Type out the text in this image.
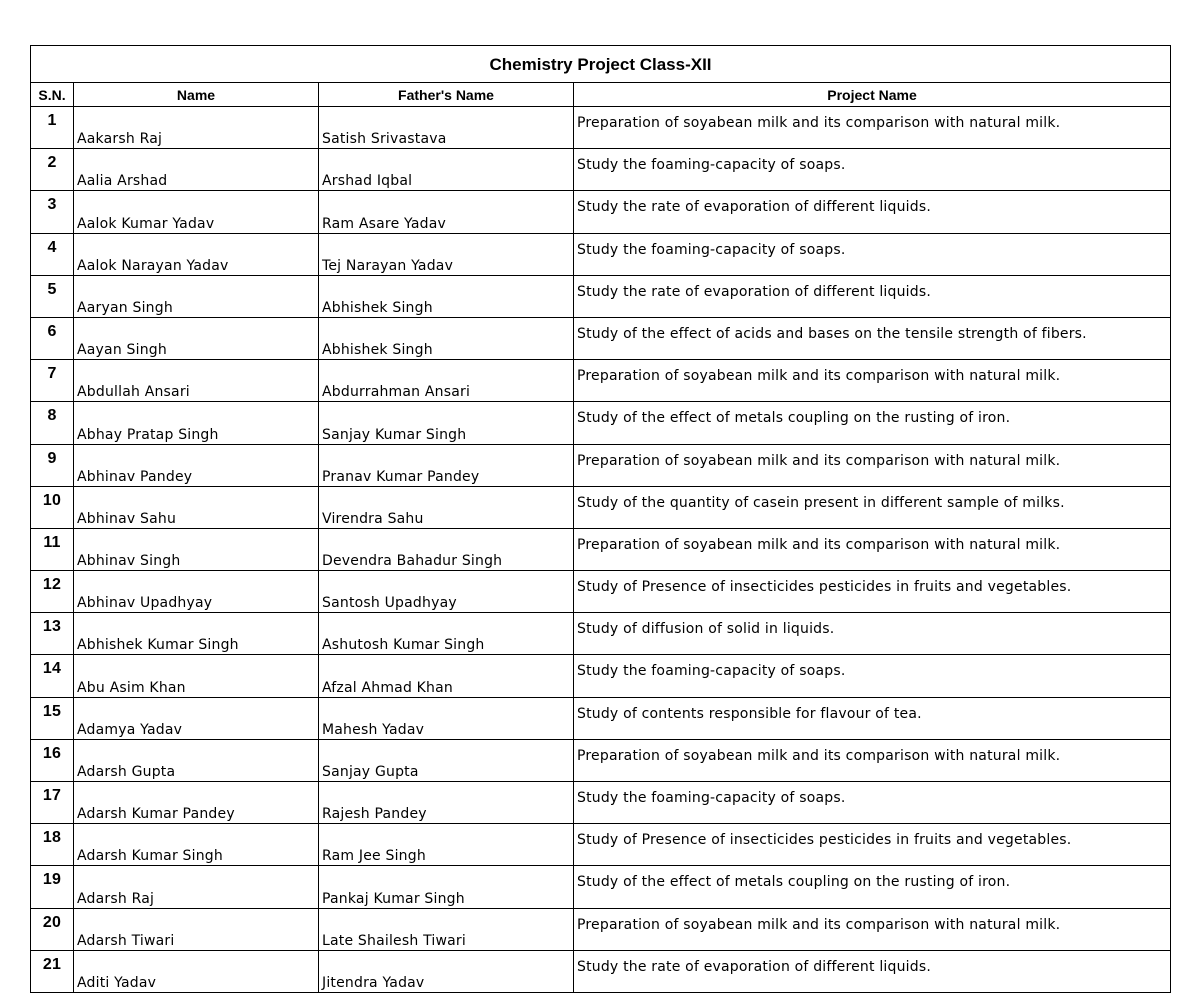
Chemistry Project Class-XII			
S.N.	Name	Father's Name	Project Name
1	Aakarsh Raj	Satish Srivastava	Preparation of soyabean milk and its comparison with natural milk.
2	Aalia Arshad	Arshad Iqbal	Study the foaming-capacity of soaps.
3	Aalok Kumar Yadav	Ram Asare Yadav	Study the rate of evaporation of different liquids.
4	Aalok Narayan Yadav	Tej Narayan Yadav	Study the foaming-capacity of soaps.
5	Aaryan Singh	Abhishek Singh	Study the rate of evaporation of different liquids.
6	Aayan Singh	Abhishek Singh	Study of the effect of acids and bases on the tensile strength of fibers.
7	Abdullah Ansari	Abdurrahman Ansari	Preparation of soyabean milk and its comparison with natural milk.
8	Abhay Pratap Singh	Sanjay Kumar Singh	Study of the effect of metals coupling on the rusting of iron.
9	Abhinav Pandey	Pranav Kumar Pandey	Preparation of soyabean milk and its comparison with natural milk.
10	Abhinav Sahu	Virendra Sahu	Study of the quantity of casein present in different sample of milks.
11	Abhinav Singh	Devendra Bahadur Singh	Preparation of soyabean milk and its comparison with natural milk.
12	Abhinav Upadhyay	Santosh Upadhyay	Study of Presence of insecticides pesticides in fruits and vegetables.
13	Abhishek Kumar Singh	Ashutosh Kumar Singh	Study of diffusion of solid in liquids.
14	Abu Asim Khan	Afzal Ahmad Khan	Study the foaming-capacity of soaps.
15	Adamya Yadav	Mahesh Yadav	Study of contents responsible for flavour of tea.
16	Adarsh Gupta	Sanjay Gupta	Preparation of soyabean milk and its comparison with natural milk.
17	Adarsh Kumar Pandey	Rajesh Pandey	Study the foaming-capacity of soaps.
18	Adarsh Kumar Singh	Ram Jee Singh	Study of Presence of insecticides pesticides in fruits and vegetables.
19	Adarsh Raj	Pankaj Kumar Singh	Study of the effect of metals coupling on the rusting of iron.
20	Adarsh Tiwari	Late Shailesh Tiwari	Preparation of soyabean milk and its comparison with natural milk.
21	Aditi Yadav	Jitendra Yadav	Study the rate of evaporation of different liquids.
